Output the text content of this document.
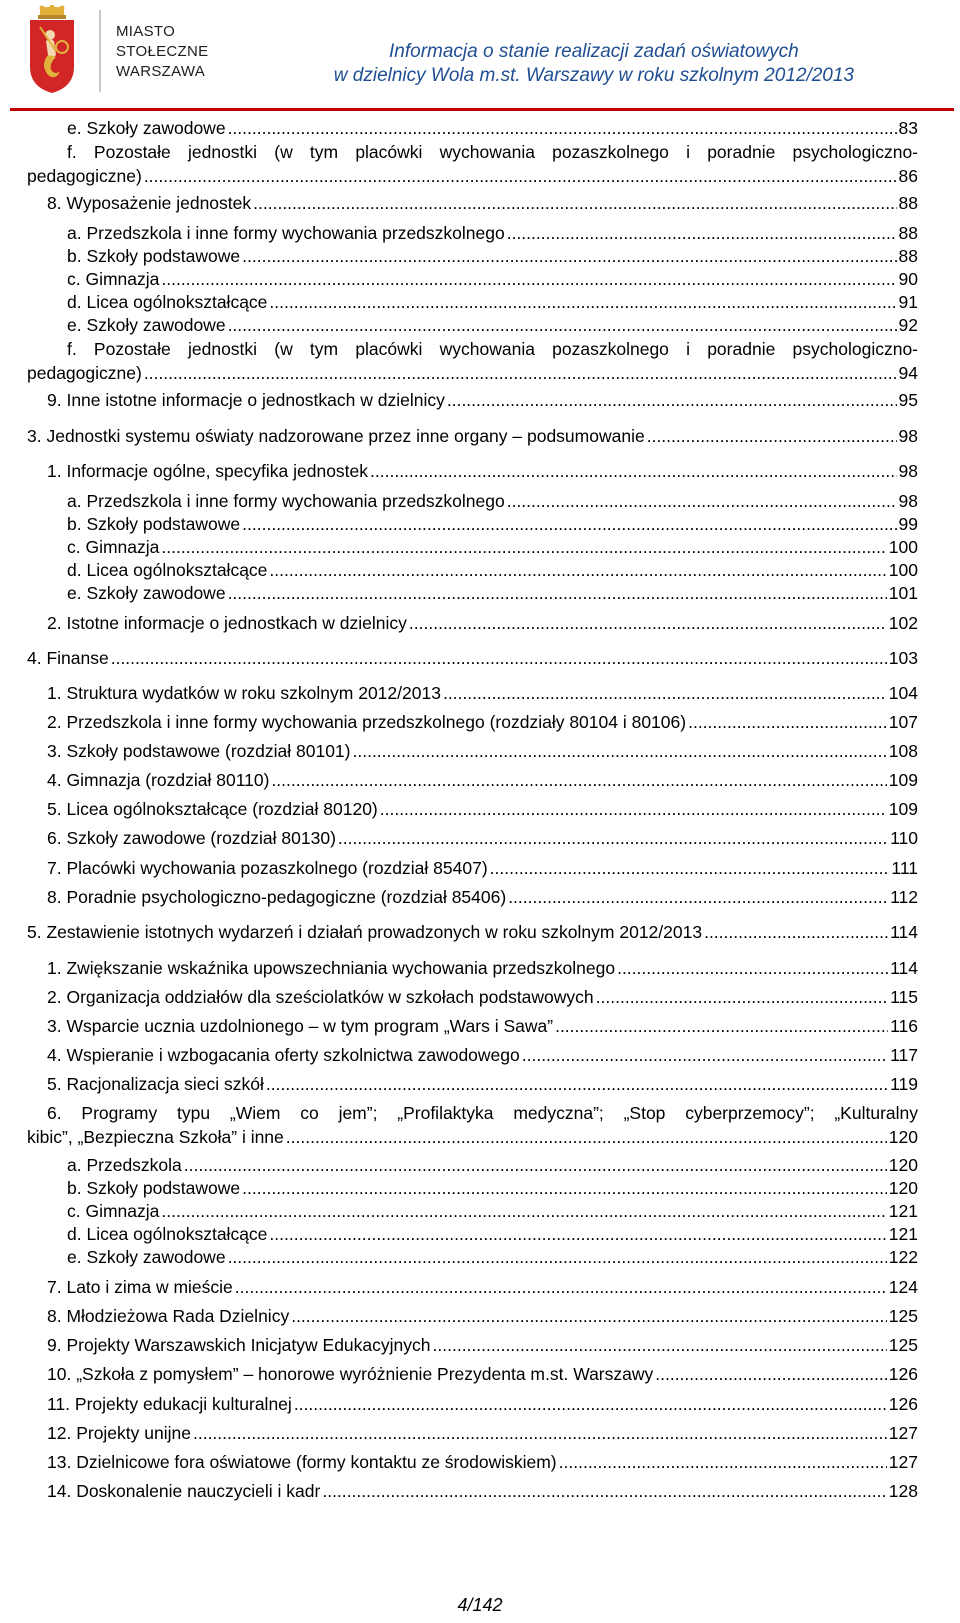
MIASTO
STOŁECZNE
WARSZAWA
Informacja o stanie realizacji zadań oświatowych
w dzielnicy Wola m.st. Warszawy w roku szkolnym 2012/2013
e. Szkoły zawodowe .....	83
f. Pozostałe jednostki (w tym placówki wychowania pozaszkolnego i poradnie psychologiczno-
pedagogiczne) .....	86
8. Wyposażenie jednostek .....	88
a. Przedszkola i inne formy wychowania przedszkolnego .....	88
b. Szkoły podstawowe .....	88
c. Gimnazja .....	90
d. Licea ogólnokształcące .....	91
e. Szkoły zawodowe .....	92
f. Pozostałe jednostki (w tym placówki wychowania pozaszkolnego i poradnie psychologiczno-
pedagogiczne) .....	94
9. Inne istotne informacje o jednostkach w dzielnicy .....	95
3. Jednostki systemu oświaty nadzorowane przez inne organy – podsumowanie .....	98
1. Informacje ogólne, specyfika jednostek .....	98
a. Przedszkola i inne formy wychowania przedszkolnego .....	98
b. Szkoły podstawowe .....	99
c. Gimnazja .....	100
d. Licea ogólnokształcące .....	100
e. Szkoły zawodowe .....	101
2. Istotne informacje o jednostkach w dzielnicy .....	102
4. Finanse .....	103
1. Struktura wydatków w roku szkolnym 2012/2013 .....	104
2. Przedszkola i inne formy wychowania przedszkolnego (rozdziały 80104 i 80106) .....	107
3. Szkoły podstawowe (rozdział 80101) .....	108
4. Gimnazja (rozdział 80110) .....	109
5. Licea ogólnokształcące (rozdział 80120) .....	109
6. Szkoły zawodowe (rozdział 80130) .....	110
7. Placówki wychowania pozaszkolnego (rozdział 85407) .....	111
8. Poradnie psychologiczno-pedagogiczne (rozdział 85406) .....	112
5. Zestawienie istotnych wydarzeń i działań prowadzonych w roku szkolnym 2012/2013 .....	114
1. Zwiększanie wskaźnika upowszechniania wychowania przedszkolnego .....	114
2. Organizacja oddziałów dla sześciolatków w szkołach podstawowych .....	115
3. Wsparcie ucznia uzdolnionego – w tym program „Wars i Sawa” .....	116
4. Wspieranie i wzbogacania oferty szkolnictwa zawodowego .....	117
5. Racjonalizacja sieci szkół .....	119
6. Programy typu „Wiem co jem”; „Profilaktyka medyczna”; „Stop cyberprzemocy”; „Kulturalny
kibic”, „Bezpieczna Szkoła” i inne .....	120
a. Przedszkola .....	120
b. Szkoły podstawowe .....	120
c. Gimnazja .....	121
d. Licea ogólnokształcące .....	121
e. Szkoły zawodowe .....	122
7. Lato i zima w mieście .....	124
8. Młodzieżowa Rada Dzielnicy .....	125
9. Projekty Warszawskich Inicjatyw Edukacyjnych .....	125
10. „Szkoła z pomysłem” – honorowe wyróżnienie Prezydenta m.st. Warszawy .....	126
11. Projekty edukacji kulturalnej .....	126
12. Projekty unijne .....	127
13. Dzielnicowe fora oświatowe (formy kontaktu ze środowiskiem) .....	127
14. Doskonalenie nauczycieli i kadr .....	128
4/142
